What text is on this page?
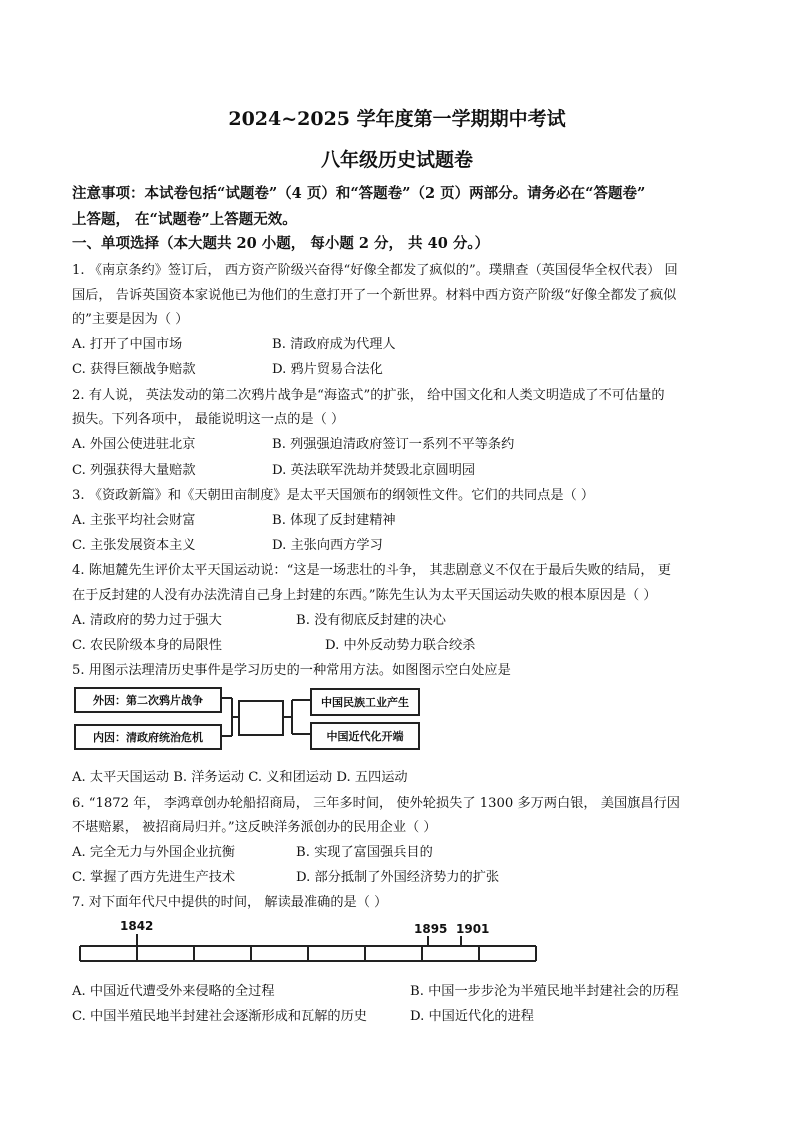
2024~2025 学年度第一学期期中考试
八年级历史试题卷
注意事项：本试卷包括“试题卷”（4 页）和“答题卷”（2 页）两部分。请务必在“答题卷”
上答题， 在“试题卷”上答题无效。
一、单项选择（本大题共 20 小题， 每小题 2 分， 共 40 分。）
1. 《南京条约》签订后， 西方资产阶级兴奋得“好像全都发了疯似的”。璞鼎查（英国侵华全权代表） 回
国后， 告诉英国资本家说他已为他们的生意打开了一个新世界。材料中西方资产阶级“好像全都发了疯似
的”主要是因为（ ）
A. 打开了中国市场	B. 清政府成为代理人
C. 获得巨额战争赔款	D. 鸦片贸易合法化
2. 有人说， 英法发动的第二次鸦片战争是“海盗式”的扩张， 给中国文化和人类文明造成了不可估量的
损失。下列各项中， 最能说明这一点的是（ ）
A. 外国公使进驻北京	B. 列强强迫清政府签订一系列不平等条约
C. 列强获得大量赔款	D. 英法联军洗劫并焚毁北京圆明园
3. 《资政新篇》和《天朝田亩制度》是太平天国颁布的纲领性文件。它们的共同点是（ ）
A. 主张平均社会财富	B. 体现了反封建精神
C. 主张发展资本主义	D. 主张向西方学习
4. 陈旭麓先生评价太平天国运动说：“这是一场悲壮的斗争， 其悲剧意义不仅在于最后失败的结局， 更
在于反封建的人没有办法洗清自己身上封建的东西。”陈先生认为太平天国运动失败的根本原因是（ ）
A. 清政府的势力过于强大	B. 没有彻底反封建的决心
C. 农民阶级本身的局限性	D. 中外反动势力联合绞杀
5. 用图示法理清历史事件是学习历史的一种常用方法。如图图示空白处应是
外因：第二次鸦片战争
内因：清政府统治危机
中国民族工业产生
中国近代化开端
A. 太平天国运动 B. 洋务运动 C. 义和团运动 D. 五四运动
6. “1872 年， 李鸿章创办轮船招商局， 三年多时间， 使外轮损失了 1300 多万两白银， 美国旗昌行因
不堪赔累， 被招商局归并。”这反映洋务派创办的民用企业（ ）
A. 完全无力与外国企业抗衡	B. 实现了富国强兵目的
C. 掌握了西方先进生产技术	D. 部分抵制了外国经济势力的扩张
7. 对下面年代尺中提供的时间， 解读最准确的是（ ）
1842	1895 1901
A. 中国近代遭受外来侵略的全过程	B. 中国一步步沦为半殖民地半封建社会的历程
C. 中国半殖民地半封建社会逐渐形成和瓦解的历史	D. 中国近代化的进程
